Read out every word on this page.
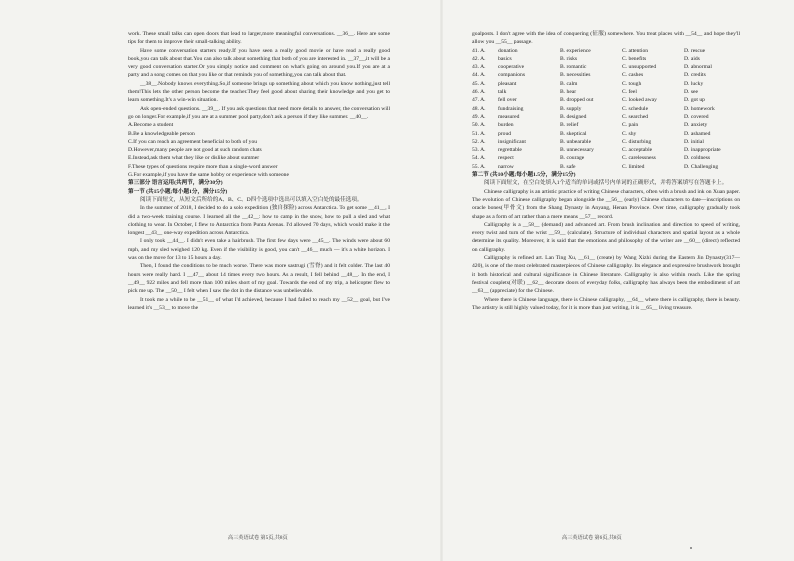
work. These small talks can open doors that lead to larger,more meaningful conversations. __36__. Here are some tips for them to improve their small-talking ability.

Have some conversation starters ready.If you have seen a really good movie or have read a really good book,you can talk about that.You can also talk about something that both of you are interested in. __37__,it will be a very good conversation starter.Or you simply notice and comment on what's going on around you.If you are at a party and a song comes on that you like or that reminds you of something,you can talk about that.

__38__.Nobody knows everything.So,if someone brings up something about which you know nothing,just tell them!This lets the other person become the teacher.They feel good about sharing their knowledge and you get to learn something.It's a win-win situation.

Ask open-ended questions. __39__. If you ask questions that need more details to answer, the conversation will go on longer.For example,if you are at a summer pool party,don't ask a person if they like summer. __40__.

A.Become a student

B.Be a knowledgeable person

C.If you can reach an agreement beneficial to both of you

D.However,many people are not good at such random chats

E.Instead,ask them what they like or dislike about summer

F.These types of questions require more than a single-word answer

G.For example,if you have the same hobby or experience with someone

第三部分 语言运用(共两节，满分30分)

第一节 (共15小题;每小题1分，满分15分)

阅读下面短文，从短文后所给的A、B、C、D四个选项中选出可以填入空白处的最佳选项。

In the summer of 2018, I decided to do a solo expedition (独自探险) across Antarctica. To get some __41__, I did a two-week training course. I learned all the __42__: how to camp in the snow, how to pull a sled and what clothing to wear. In October, I flew to Antarctica from Punta Arenas. I'd allowed 70 days, which would make it the longest __43__ one-way expedition across Antarctica.

I only took __44__. I didn't even take a hairbrush. The first few days were __45__. The winds were about 60 mph, and my sled weighed 120 kg. Even if the visibility is good, you can't __46__ much — it's a white horizon. I was on the move for 13 to 15 hours a day.

Then, I found the conditions to be much worse. There was more sastrugi (雪脊) and it felt colder. The last 40 hours were really hard. I __47__ about 14 times every two hours. As a result, I fell behind __48__. In the end, I __49__ 922 miles and fell more than 100 miles short of my goal. Towards the end of my trip, a helicopter flew to pick me up. The __50__ I felt when I saw the dot in the distance was unbelievable.

It took me a while to be __51__ of what I'd achieved, because I had failed to reach my __52__ goal, but I've learned it's __53__ to move the

高三英语试卷 第5页,共8页

goalposts. I don't agree with the idea of conquering (征服) somewhere. You treat places with __54__ and hope they'll allow you __55__ passage.

41. A.	donation	B. experience	C. attention	D. rescue
42. A.	basics	B. risks	C. benefits	D. aids
43. A.	cooperative	B. romantic	C. unsupported	D. abnormal
44. A.	companions	B. necessities	C. cashes	D. credits
45. A.	pleasant	B. calm	C. tough	D. lucky
46. A.	talk	B. hear	C. feel	D. see
47. A.	fell over	B. dropped out	C. looked away	D. got up
48. A.	fundraising	B. supply	C. schedule	D. homework
49. A.	measured	B. designed	C. searched	D. covered
50. A.	burden	B. relief	C. pain	D. anxiety
51. A.	proud	B. skeptical	C. shy	D. ashamed
52. A.	insignificant	B. unbearable	C. disturbing	D. initial
53. A.	regrettable	B. unnecessary	C. acceptable	D. inappropriate
54. A.	respect	B. courage	C. carelessness	D. coldness
55. A.	narrow	B. safe	C. limited	D. Challenging

第二节 (共10小题;每小题1.5分，满分15分)

阅读下面短文，在空白处填入1个适当的单词或括号内单词的正确形式，并将答案填写在答题卡上。

Chinese calligraphy is an artistic practice of writing Chinese characters, often with a brush and ink on Xuan paper. The evolution of Chinese calligraphy began alongside the __56__ (early) Chinese characters to date—inscriptions on oracle bones(甲骨文) from the Shang Dynasty in Anyang, Henan Province. Over time, calligraphy gradually took shape as a form of art rather than a mere means __57__ record.

Calligraphy is a __58__ (demand) and advanced art. From brush inclination and direction to speed of writing, every twist and turn of the wrist __59__ (calculate). Structure of individual characters and spatial layout as a whole determine its quality. Moreover, it is said that the emotions and philosophy of the writer are __60__ (direct) reflected on calligraphy.

Calligraphy is refined art. Lan Ting Xu, __61__ (create) by Wang Xizhi during the Eastern Jin Dynasty(317—420), is one of the most celebrated masterpieces of Chinese calligraphy. Its elegance and expressive brushwork brought it both historical and cultural significance in Chinese literature. Calligraphy is also within reach. Like the spring festival couplets(对联) __62__ decorate doors of everyday folks, calligraphy has always been the embodiment of art __63__ (appreciate) for the Chinese.

Where there is Chinese language, there is Chinese calligraphy, __64__ where there is calligraphy, there is beauty. The artistry is still highly valued today, for it is more than just writing, it is __65__ living treasure.

高三英语试卷 第6页,共8页
